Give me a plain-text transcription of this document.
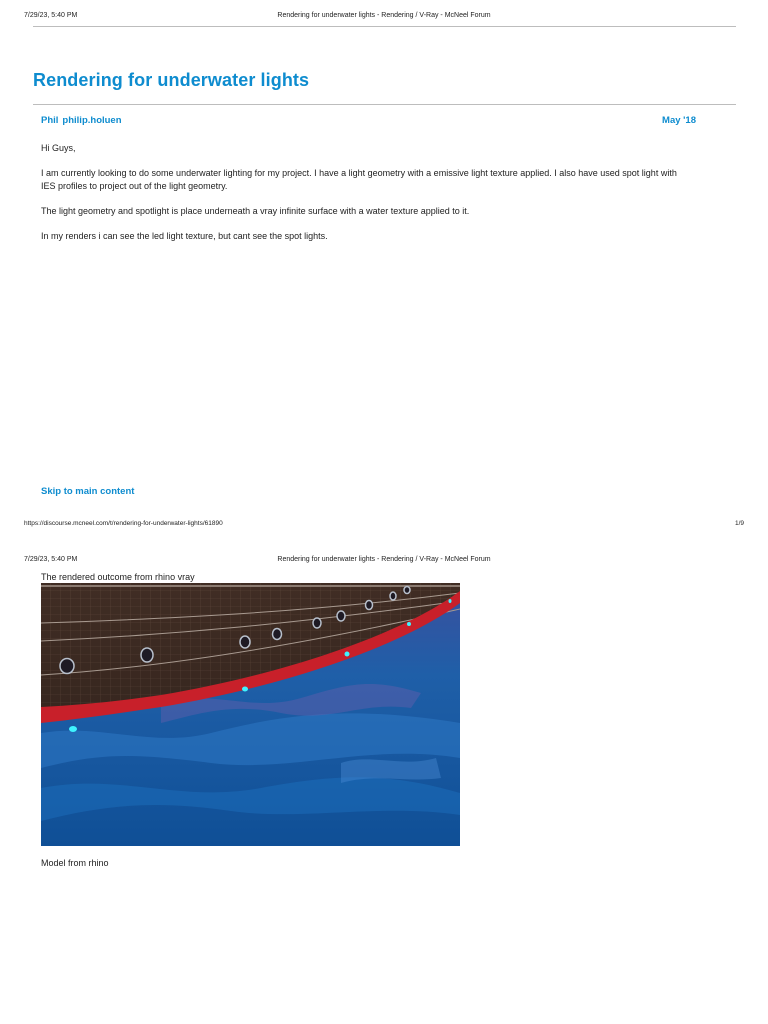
7/29/23, 5:40 PM	Rendering for underwater lights - Rendering / V-Ray - McNeel Forum
Rendering for underwater lights
Phil philip.holuen	May '18

Hi Guys,

I am currently looking to do some underwater lighting for my project. I have a light geometry with a emissive light texture applied. I also have used spot light with IES profiles to project out of the light geometry.

The light geometry and spotlight is place underneath a vray infinite surface with a water texture applied to it.

In my renders i can see the led light texture, but cant see the spot lights.

Skip to main content
https://discourse.mcneel.com/t/rendering-for-underwater-lights/61890	1/9
7/29/23, 5:40 PM	Rendering for underwater lights - Rendering / V-Ray - McNeel Forum
The rendered outcome from rhino vray
Model from rhino
